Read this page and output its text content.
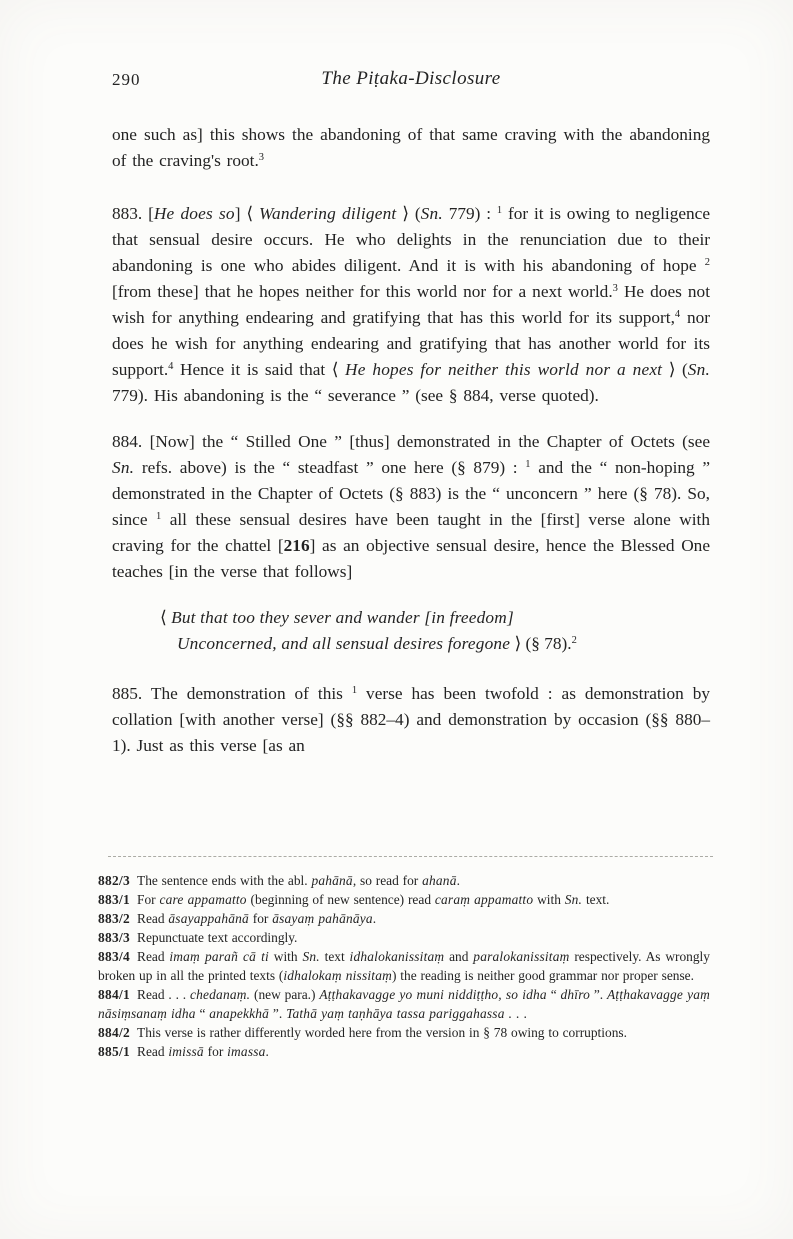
290	The Piṭaka-Disclosure

one such as] this shows the abandoning of that same craving with the abandoning of the craving's root.$^3$

883. [He does so] ⟨ Wandering diligent ⟩ (Sn. 779) : $^1$ for it is owing to negligence that sensual desire occurs. He who delights in the renunciation due to their abandoning is one who abides diligent. And it is with his abandoning of hope $^2$ [from these] that he hopes neither for this world nor for a next world.$^3$ He does not wish for anything endearing and gratifying that has this world for its support,$^4$ nor does he wish for anything endearing and gratifying that has another world for its support.$^4$ Hence it is said that ⟨ He hopes for neither this world nor a next ⟩ (Sn. 779). His abandoning is the “ severance ” (see § 884, verse quoted).

884. [Now] the “ Stilled One ” [thus] demonstrated in the Chapter of Octets (see Sn. refs. above) is the “ steadfast ” one here (§ 879) : $^1$ and the “ non-hoping ” demonstrated in the Chapter of Octets (§ 883) is the “ unconcern ” here (§ 78). So, since $^1$ all these sensual desires have been taught in the [first] verse alone with craving for the chattel [216] as an objective sensual desire, hence the Blessed One teaches [in the verse that follows]

⟨ But that too they sever and wander [in freedom]
Unconcerned, and all sensual desires foregone ⟩ (§ 78).$^2$

885. The demonstration of this $^1$ verse has been twofold : as demonstration by collation [with another verse] (§§ 882–4) and demonstration by occasion (§§ 880–1). Just as this verse [as an

882/3 The sentence ends with the abl. pahānā, so read for ahanā.

883/1 For care appamatto (beginning of new sentence) read caraṃ appamatto with Sn. text.

883/2 Read āsayappahānā for āsayaṃ pahānāya.

883/3 Repunctuate text accordingly.

883/4 Read imaṃ parañ cā ti with Sn. text idhalokanissitaṃ and paralokanissitaṃ respectively. As wrongly broken up in all the printed texts (idhalokaṃ nissitaṃ) the reading is neither good grammar nor proper sense.

884/1 Read . . . chedanaṃ. (new para.) Aṭṭhakavagge yo muni niddiṭṭho, so idha “ dhīro ”. Aṭṭhakavagge yaṃ nāsiṃsanaṃ idha “ anapekkhā ”. Tathā yaṃ taṇhāya tassa pariggahassa . . .

884/2 This verse is rather differently worded here from the version in § 78 owing to corruptions.

885/1 Read imissā for imassa.
